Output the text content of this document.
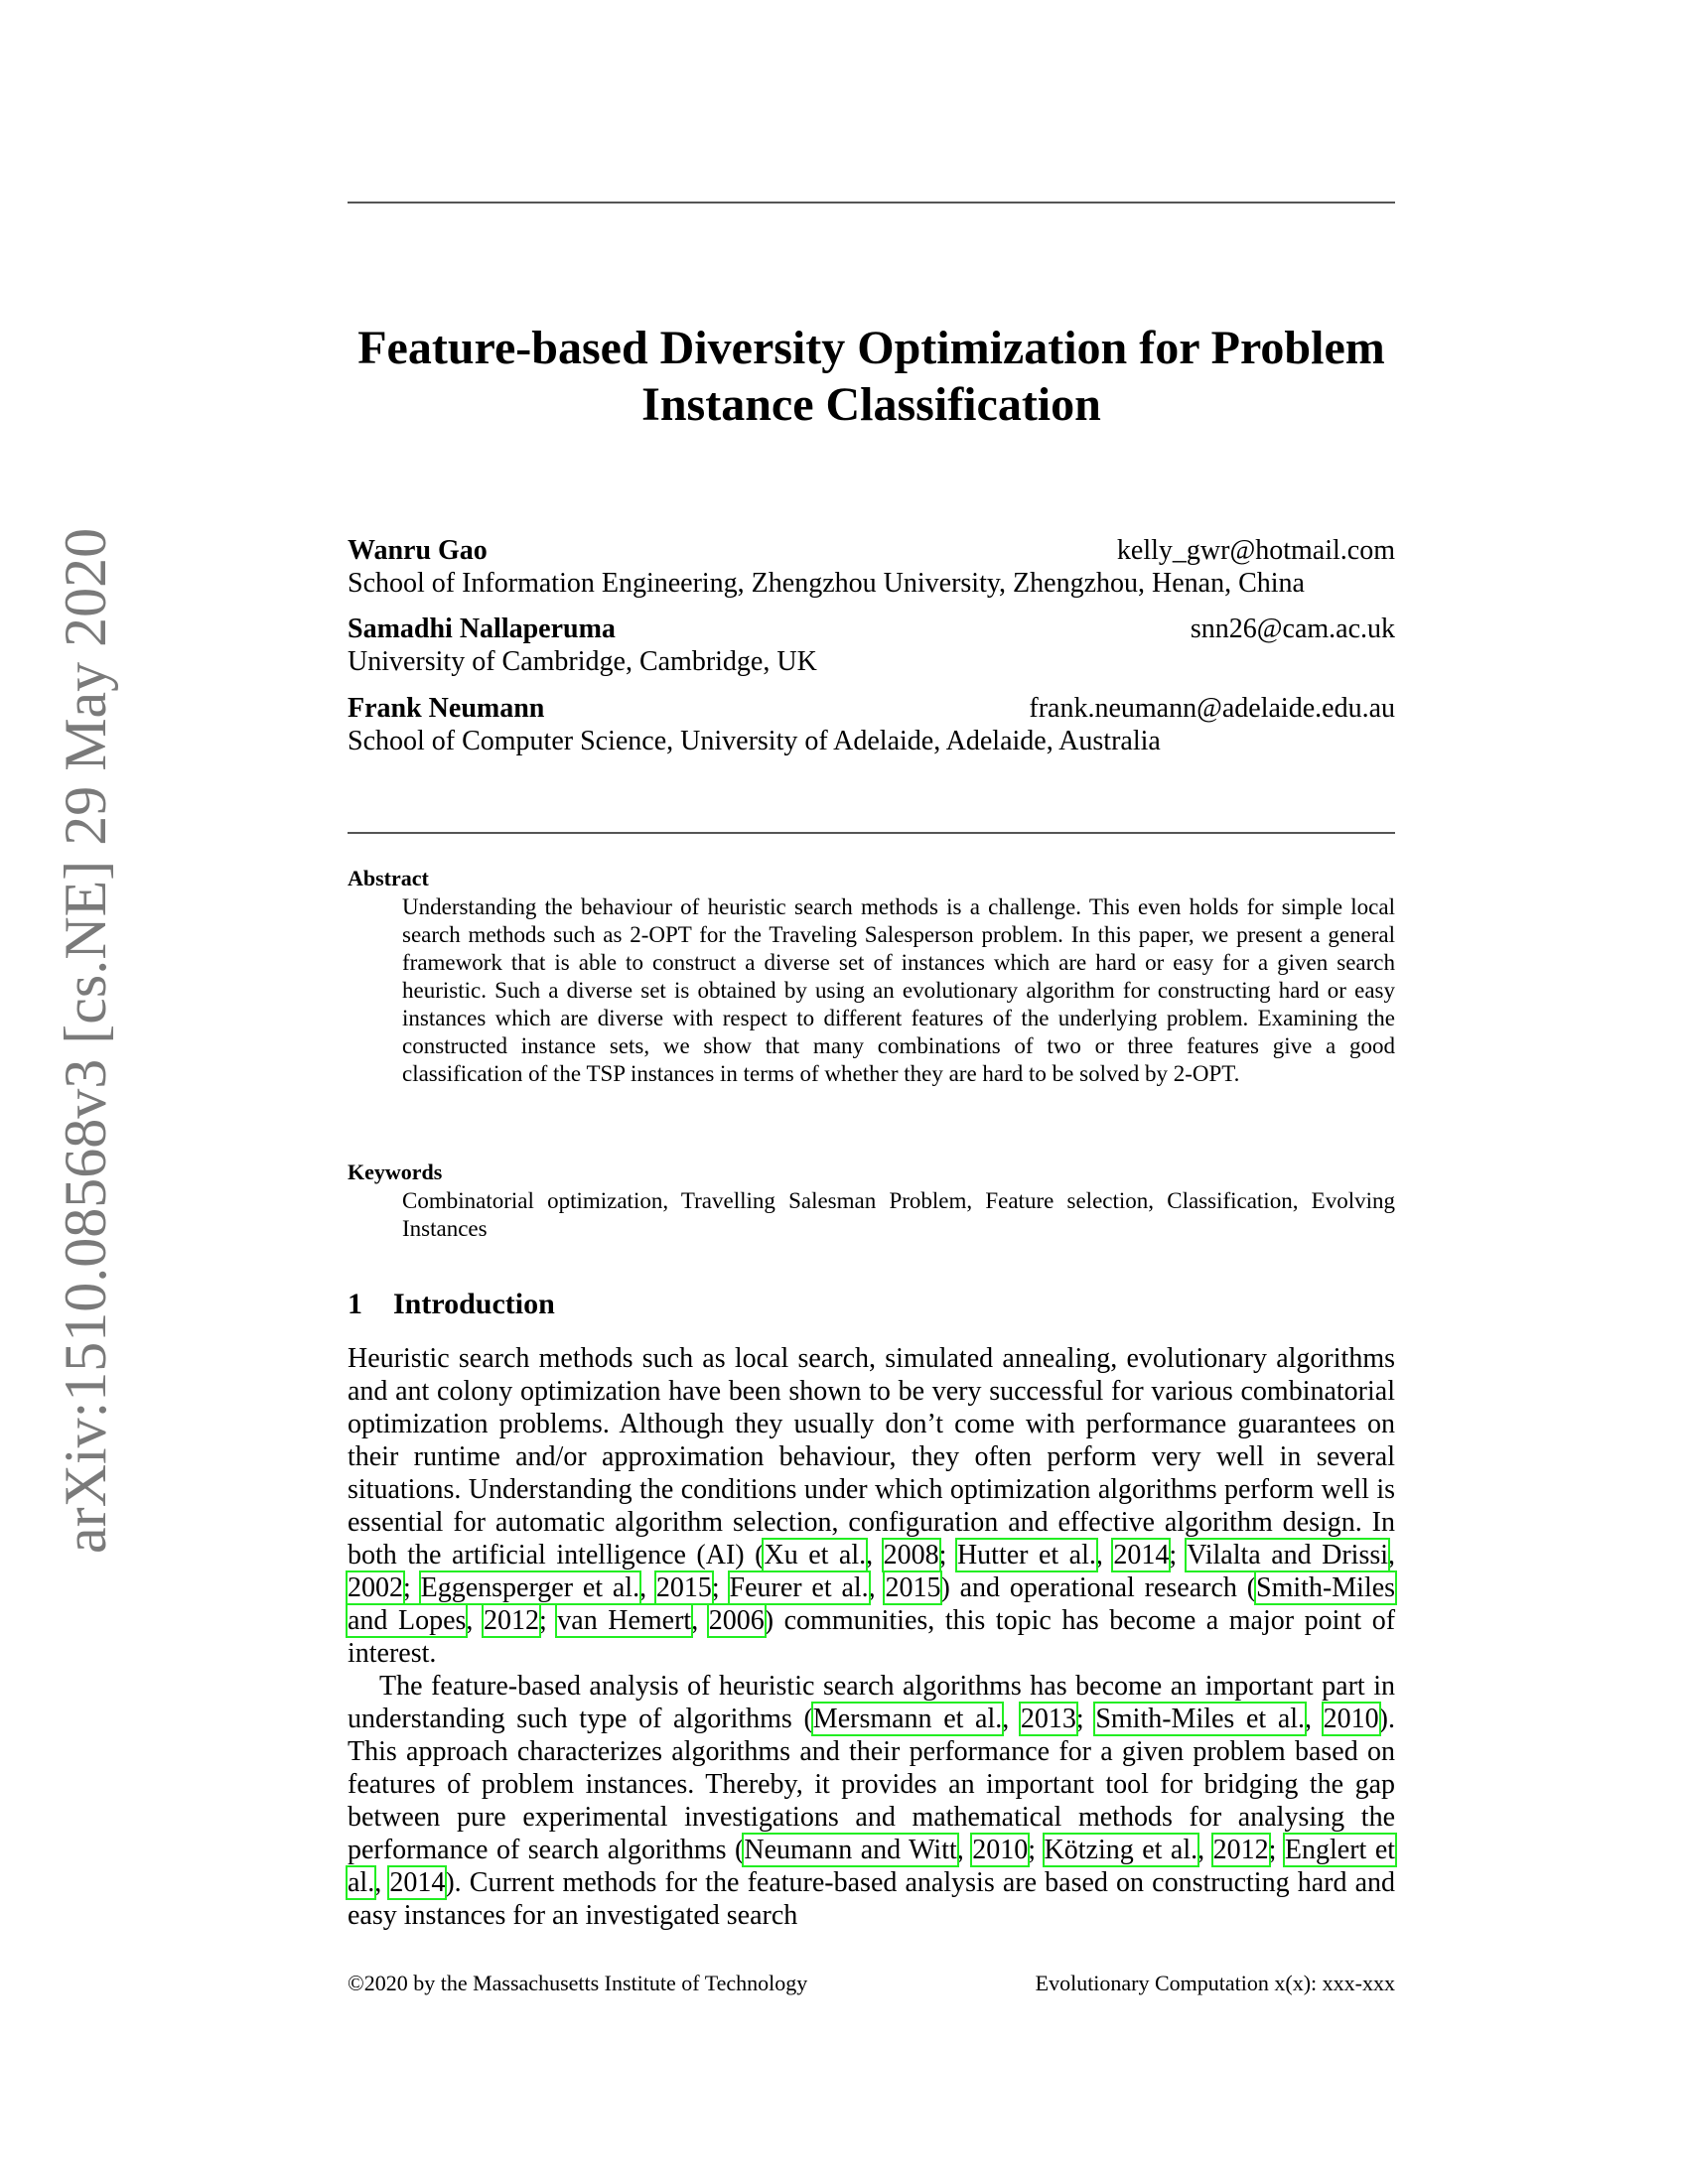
arXiv:1510.08568v3 [cs.NE] 29 May 2020
Feature-based Diversity Optimization for Problem Instance Classification
Wanru Gao	kelly_gwr@hotmail.com
School of Information Engineering, Zhengzhou University, Zhengzhou, Henan, China
Samadhi Nallaperuma	snn26@cam.ac.uk
University of Cambridge, Cambridge, UK
Frank Neumann	frank.neumann@adelaide.edu.au
School of Computer Science, University of Adelaide, Adelaide, Australia
Abstract

Understanding the behaviour of heuristic search methods is a challenge. This even holds for simple local search methods such as 2-OPT for the Traveling Salesperson problem. In this paper, we present a general framework that is able to construct a diverse set of instances which are hard or easy for a given search heuristic. Such a diverse set is obtained by using an evolutionary algorithm for constructing hard or easy instances which are diverse with respect to different features of the underlying problem. Examining the constructed instance sets, we show that many combinations of two or three features give a good classification of the TSP instances in terms of whether they are hard to be solved by 2-OPT.

Keywords

Combinatorial optimization, Travelling Salesman Problem, Feature selection, Classification, Evolving Instances

1 Introduction

Heuristic search methods such as local search, simulated annealing, evolutionary algorithms and ant colony optimization have been shown to be very successful for various combinatorial optimization problems. Although they usually don’t come with performance guarantees on their runtime and/or approximation behaviour, they often perform very well in several situations. Understanding the conditions under which optimization algorithms perform well is essential for automatic algorithm selection, configuration and effective algorithm design. In both the artificial intelligence (AI) (Xu et al., 2008; Hutter et al., 2014; Vilalta and Drissi, 2002; Eggensperger et al., 2015; Feurer et al., 2015) and operational research (Smith-Miles and Lopes, 2012; van Hemert, 2006) communities, this topic has become a major point of interest.

The feature-based analysis of heuristic search algorithms has become an important part in understanding such type of algorithms (Mersmann et al., 2013; Smith-Miles et al., 2010). This approach characterizes algorithms and their performance for a given problem based on features of problem instances. Thereby, it provides an important tool for bridging the gap between pure experimental investigations and mathematical methods for analysing the performance of search algorithms (Neumann and Witt, 2010; Kötzing et al., 2012; Englert et al., 2014). Current methods for the feature-based analysis are based on constructing hard and easy instances for an investigated search

©2020 by the Massachusetts Institute of Technology	Evolutionary Computation x(x): xxx-xxx
